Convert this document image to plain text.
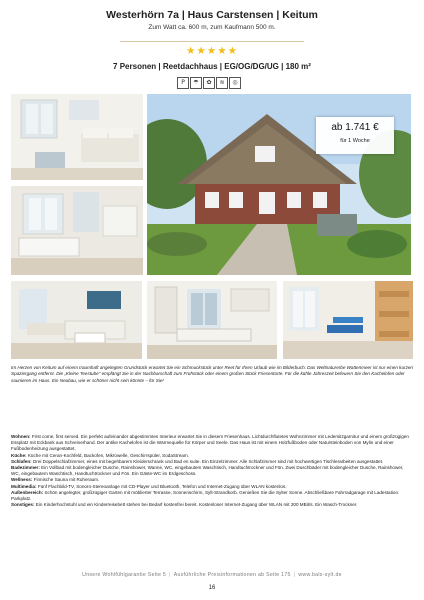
Westerhörn 7a | Haus Carstensen | Keitum
Zum Watt ca. 600 m, zum Kaufmann 500 m.
★★★★★
7 Personen | Reetdachhaus | EG/OG/DG/UG | 180 m²
P	☂	✿	≋	◎
ab 1.741 €
für 1 Woche
Im Herzen von Keitum auf einem traumhaft angelegten Grundstück erwartet Sie ein Schmuckstück unter Reet für Ihren Urlaub wie im Bilderbuch. Das Weltnaturerbe Wattenmeer ist nur einen kurzen Spaziergang entfernt. Die „Kleine Teestube" empfängt Sie in der Nachbarschaft zum Frühstück oder einem großen Stück Friesentorte. Für die kühle Jahreszeit befeuern Sie den Kachelofen oder saunieren im Haus. Ein Neubau, wie er schöner nicht sein könnte – für Sie!
Wohnen: First come, first served. Ein perfekt aufeinander abgestimmtes Interieur erwartet Sie in diesem Friesenhaus. Lichtdurchflutetes Wohnzimmer mit Ledersitzgarnitur und einem großzügigen Essplatz mit Eckbank aus Schreinerhand. Der antike Kachelofen ist die Wärmequelle für Körper und Seele. Das Haus ist mit einem Holzfußboden oder Natursteinboden von Mylin und einer Fußbodenheizung ausgestattet.
Küche: Küche mit Ceran-Kochfeld, Backofen, Mikrowelle, Geschirrspüler, SodaStream.
Schlafen: Drei Doppelschlafzimmer, eines mit begehbarem Kleiderschrank und Bad en suite. Ein Einzelzimmer. Alle Schlafzimmer sind mit hochwertigen Tischlerarbeiten ausgestattet.
Badezimmer: Ein Vollbad mit bodengleicher Dusche, Rainshower, Wanne, WC, eingebautem Waschtisch, Handtuchtrockner und Fön. Zwei Duschbäder mit bodengleicher Dusche, Rainshower, WC, eingebautem Waschtisch, Handtuchtrockner und Fön. Ein Gäste-WC im Erdgeschoss.
Wellness: Finnische Sauna mit Ruheraum.
Multimedia: Fünf Flachbild-TV, Sonoro-Stereoanlage mit CD-Player und Bluetooth, Telefon und Internet-Zugang über WLAN kostenlos.
Außenbereich: Schön angelegter, großzügiger Garten mit möblierter Terrasse, Sonnenschirm, Sylt-Strandkorb. Genießen Sie die Sylter Sonne. Abschließbare Fahrradgarage mit Ladestation. Parkplatz.
Sonstiges: Ein Kinderhochstuhl und ein Kinderreisebett stehen bei Bedarf kostenfrei bereit. Kostenloser Internet-Zugang über WLAN mit 200 MBit/s. Ein Wasch-Trockner.
Unsere Wohlfühlgarantie Seite 5 | Ausführliche Preisinformationen ab Seite 175 | www.bals-sylt.de
16
